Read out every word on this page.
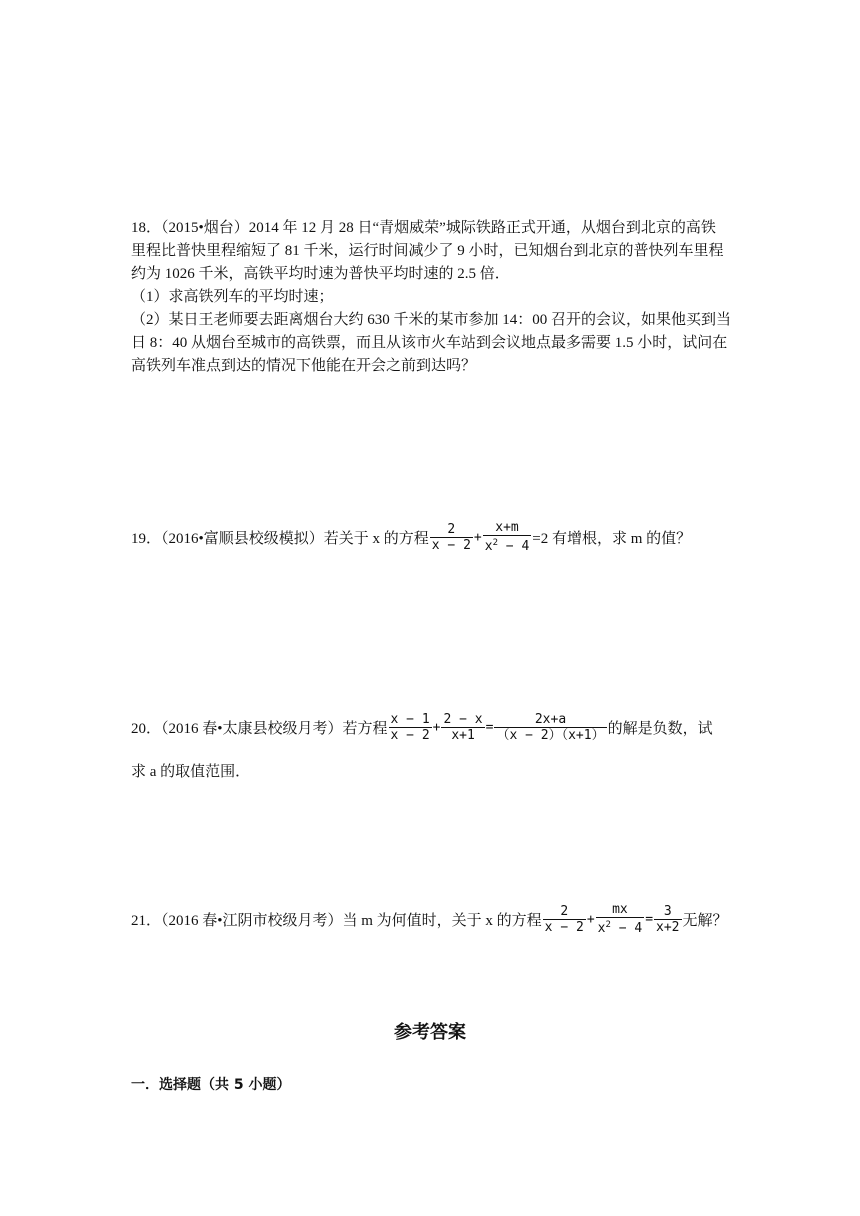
18．（2015•烟台）2014 年 12 月 28 日“青烟威荣”城际铁路正式开通，从烟台到北京的高铁
里程比普快里程缩短了 81 千米，运行时间减少了 9 小时，已知烟台到北京的普快列车里程
约为 1026 千米，高铁平均时速为普快平均时速的 2.5 倍．
（1）求高铁列车的平均时速；
（2）某日王老师要去距离烟台大约 630 千米的某市参加 14：00 召开的会议，如果他买到当
日 8：40 从烟台至城市的高铁票，而且从该市火车站到会议地点最多需要 1.5 小时，试问在
高铁列车准点到达的情况下他能在开会之前到达吗？
19．（2016•富顺县校级模拟）若关于 x 的方程 $\frac{2}{x - 2} + \frac{x+m}{x^2 - 4} =2$ 有增根，求 m 的值？
20．（2016 春•太康县校级月考）若方程 $\frac{x - 1}{x - 2} + \frac{2 - x}{x+1} = \frac{2x+a}{(x - 2)(x+1)}$ 的解是负数，试
求 a 的取值范围．
21．（2016 春•江阴市校级月考）当 m 为何值时，关于 x 的方程 $\frac{2}{x - 2} + \frac{mx}{x^2 - 4} = \frac{3}{x+2}$ 无解？
参考答案
一．选择题（共 5 小题）
